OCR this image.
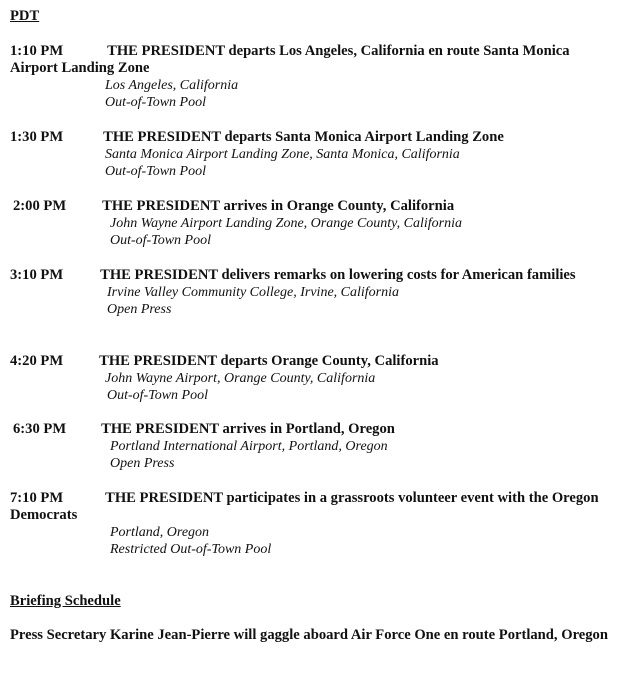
PDT
1:10 PM	THE PRESIDENT departs Los Angeles, California en route Santa Monica Airport Landing Zone
Los Angeles, California
Out-of-Town Pool
1:30 PM	THE PRESIDENT departs Santa Monica Airport Landing Zone
Santa Monica Airport Landing Zone, Santa Monica, California
Out-of-Town Pool
2:00 PM THE PRESIDENT arrives in Orange County, California
John Wayne Airport Landing Zone, Orange County, California
Out-of-Town Pool
3:10 PM	THE PRESIDENT delivers remarks on lowering costs for American families
Irvine Valley Community College, Irvine, California
Open Press
4:20 PM THE PRESIDENT departs Orange County, California
John Wayne Airport, Orange County, California
Out-of-Town Pool
6:30 PM THE PRESIDENT arrives in Portland, Oregon
Portland International Airport, Portland, Oregon
Open Press
7:10 PM	THE PRESIDENT participates in a grassroots volunteer event with the Oregon Democrats
Portland, Oregon
Restricted Out-of-Town Pool
Briefing Schedule
Press Secretary Karine Jean-Pierre will gaggle aboard Air Force One en route Portland, Oregon
